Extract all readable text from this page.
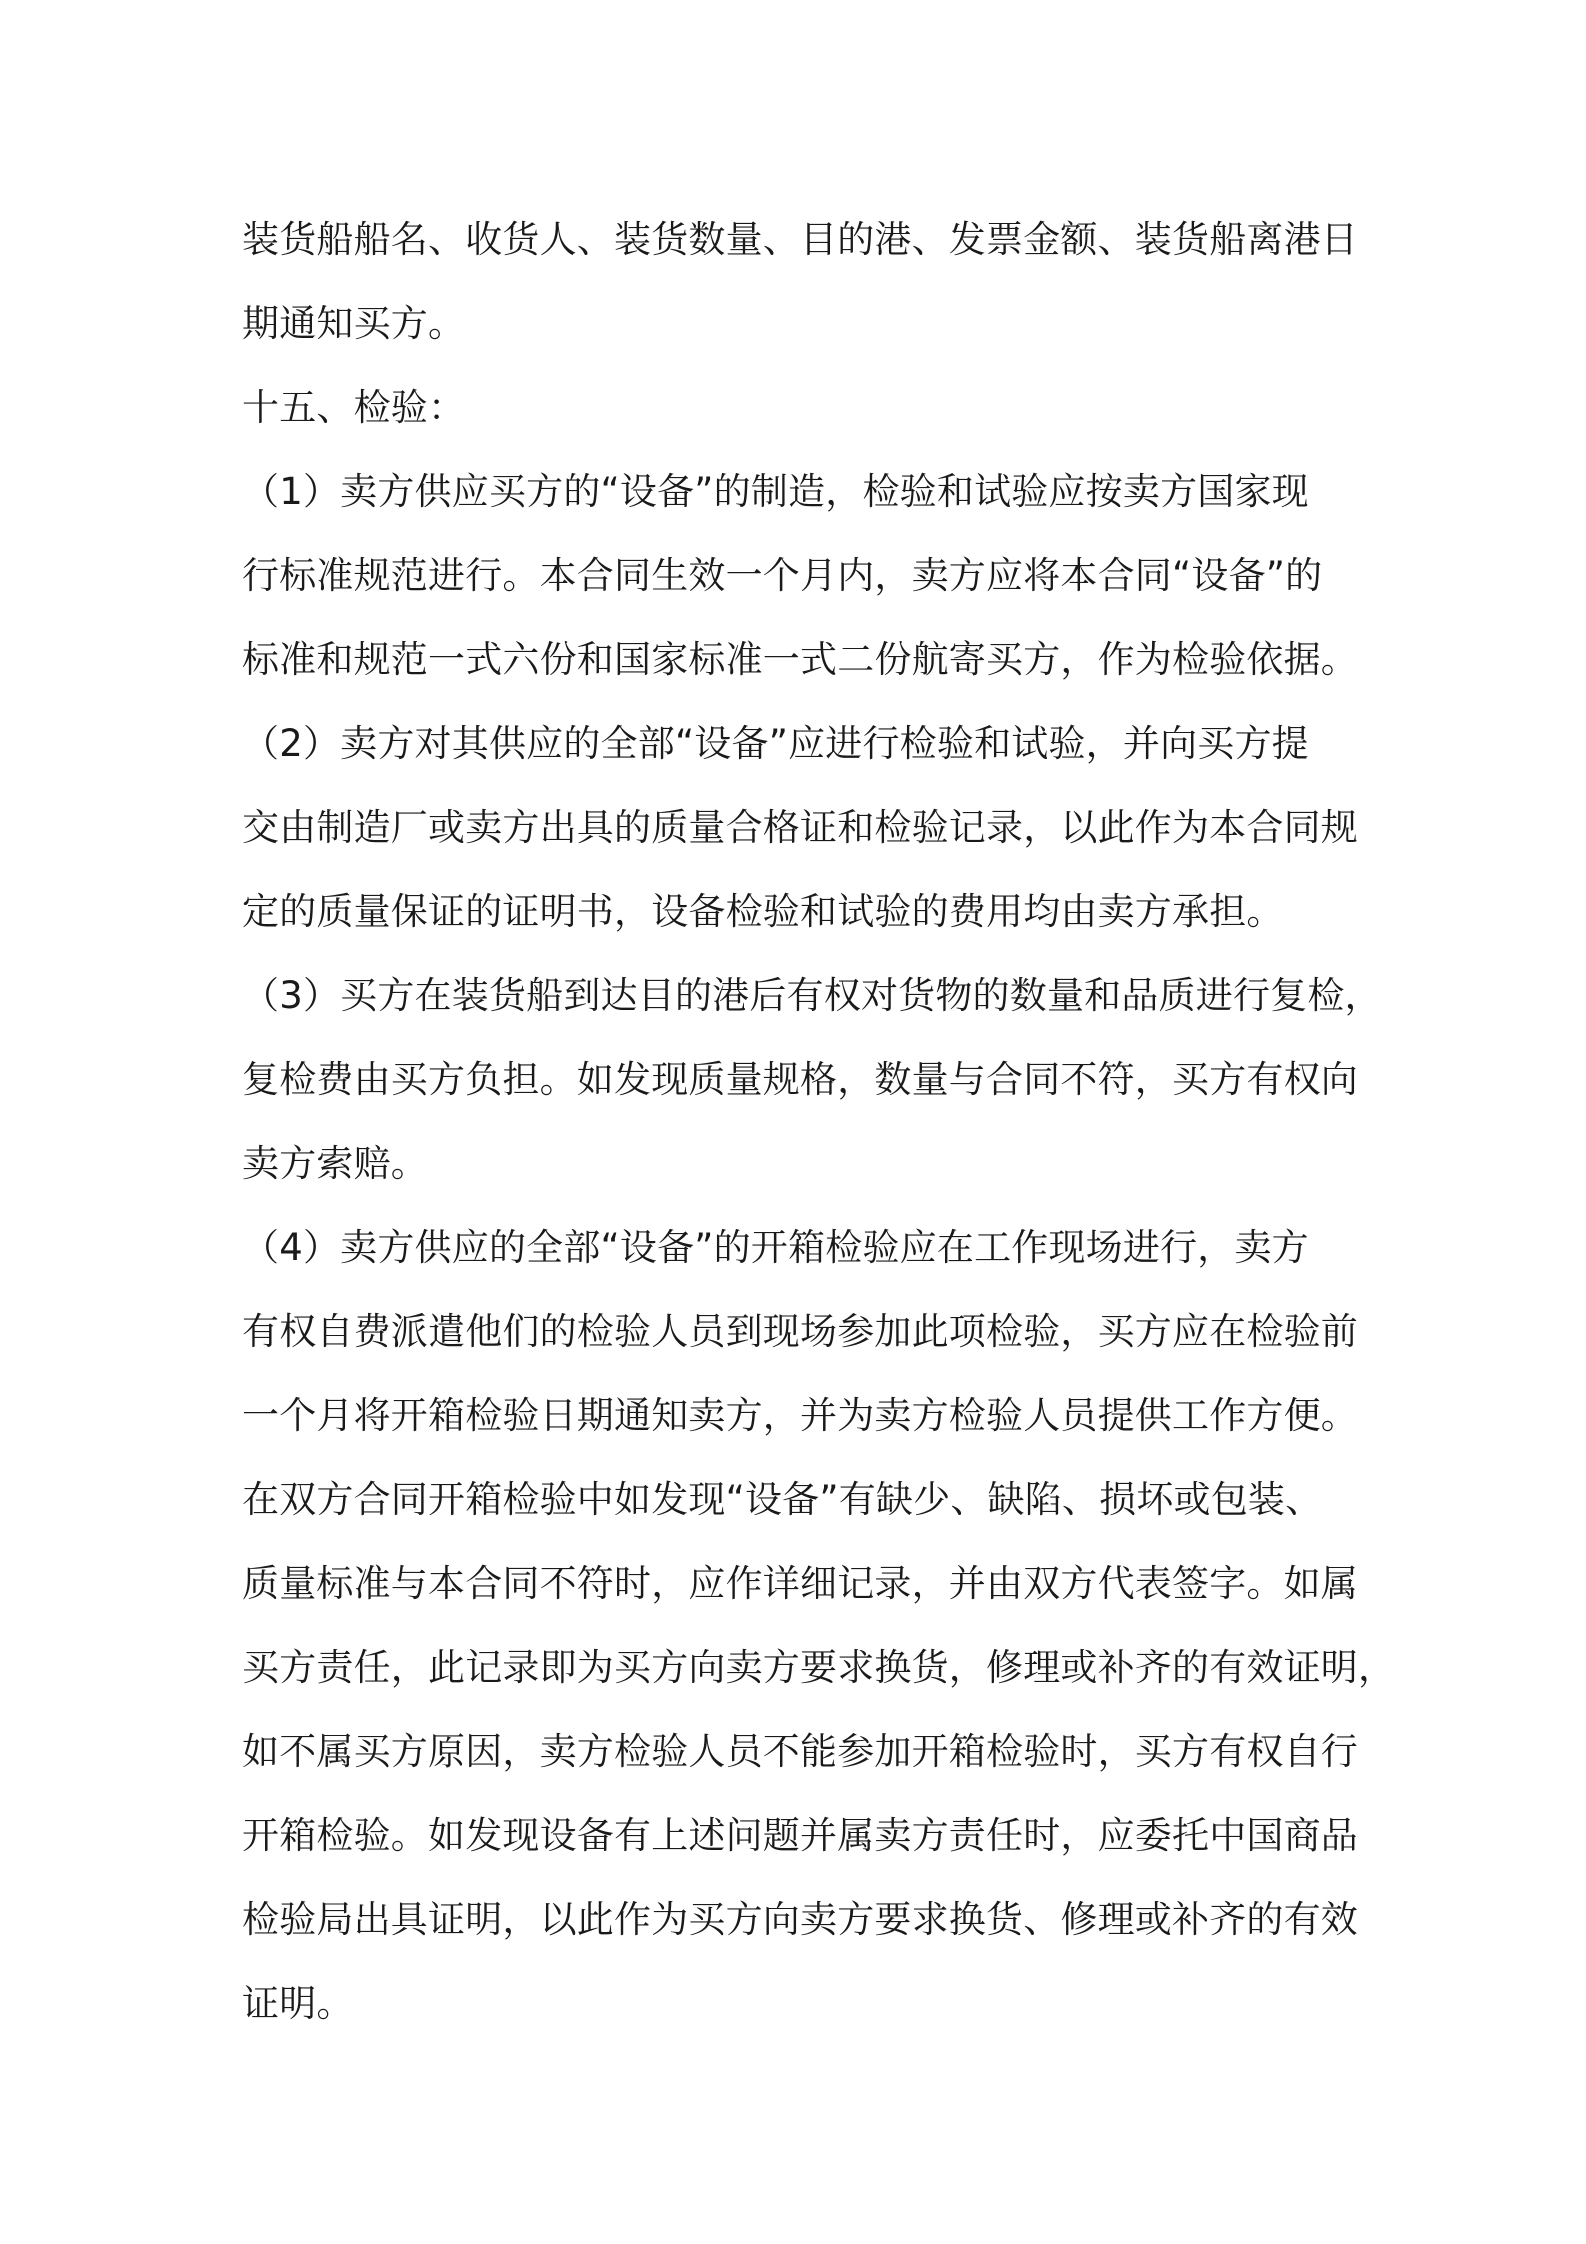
装货船船名、收货人、装货数量、目的港、发票金额、装货船离港日
期通知买方。
十五、检验：
（1）卖方供应买方的“设备”的制造，检验和试验应按卖方国家现
行标准规范进行。本合同生效一个月内，卖方应将本合同“设备”的
标准和规范一式六份和国家标准一式二份航寄买方，作为检验依据。
（2）卖方对其供应的全部“设备”应进行检验和试验，并向买方提
交由制造厂或卖方出具的质量合格证和检验记录，以此作为本合同规
定的质量保证的证明书，设备检验和试验的费用均由卖方承担。
（3）买方在装货船到达目的港后有权对货物的数量和品质进行复检，
复检费由买方负担。如发现质量规格，数量与合同不符，买方有权向
卖方索赔。
（4）卖方供应的全部“设备”的开箱检验应在工作现场进行，卖方
有权自费派遣他们的检验人员到现场参加此项检验，买方应在检验前
一个月将开箱检验日期通知卖方，并为卖方检验人员提供工作方便。
在双方合同开箱检验中如发现“设备”有缺少、缺陷、损坏或包装、
质量标准与本合同不符时，应作详细记录，并由双方代表签字。如属
买方责任，此记录即为买方向卖方要求换货，修理或补齐的有效证明，
如不属买方原因，卖方检验人员不能参加开箱检验时，买方有权自行
开箱检验。如发现设备有上述问题并属卖方责任时，应委托中国商品
检验局出具证明，以此作为买方向卖方要求换货、修理或补齐的有效
证明。
